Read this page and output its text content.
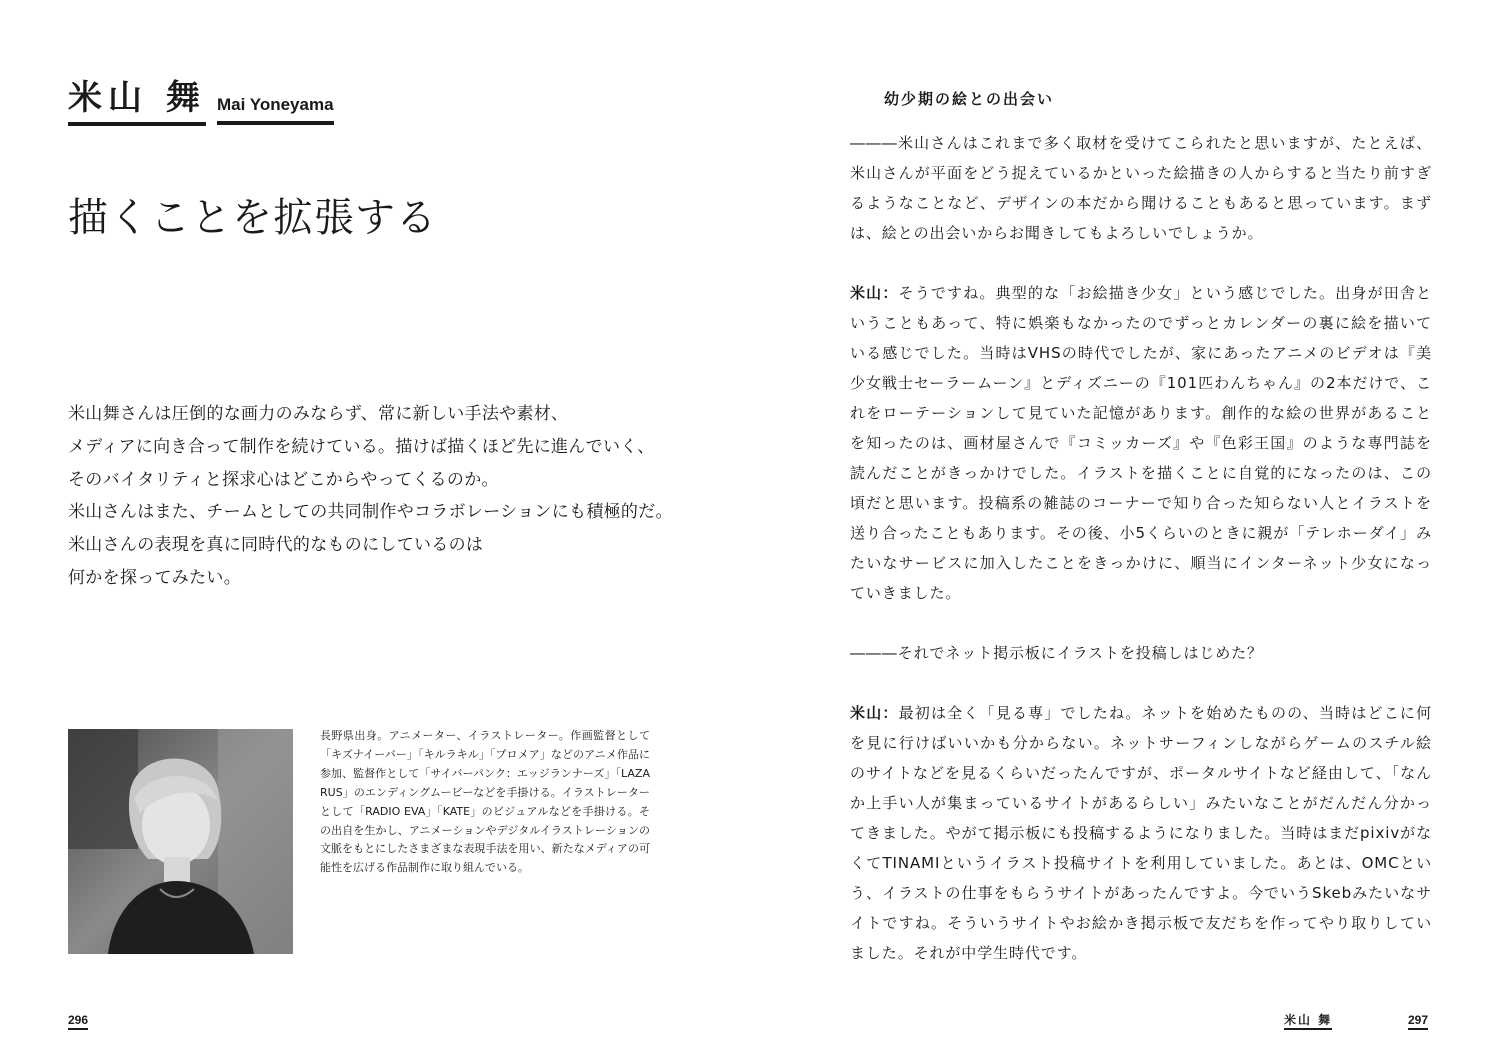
米山 舞 Mai Yoneyama
描くことを拡張する

米山舞さんは圧倒的な画力のみならず、常に新しい手法や素材、

メディアに向き合って制作を続けている。描けば描くほど先に進んでいく、

そのバイタリティと探求心はどこからやってくるのか。

米山さんはまた、チームとしての共同制作やコラボレーションにも積極的だ。

米山さんの表現を真に同時代的なものにしているのは

何かを探ってみたい。

長野県出身。アニメーター、イラストレーター。作画監督として「キズナイーバー」「キルラキル」「プロメア」などのアニメ作品に参加、監督作として「サイバーパンク：エッジランナーズ」「LAZARUS」のエンディングムービーなどを手掛ける。イラストレーターとして「RADIO EVA」「KATE」のビジュアルなどを手掛ける。その出自を生かし、アニメーションやデジタルイラストレーションの文脈をもとにしたさまざまな表現手法を用い、新たなメディアの可能性を広げる作品制作に取り組んでいる。
296
幼少期の絵との出会い

―――米山さんはこれまで多く取材を受けてこられたと思いますが、たとえば、米山さんが平面をどう捉えているかといった絵描きの人からすると当たり前すぎるようなことなど、デザインの本だから聞けることもあると思っています。まずは、絵との出会いからお聞きしてもよろしいでしょうか。

米山：そうですね。典型的な「お絵描き少女」という感じでした。出身が田舎ということもあって、特に娯楽もなかったのでずっとカレンダーの裏に絵を描いている感じでした。当時はVHSの時代でしたが、家にあったアニメのビデオは『美少女戦士セーラームーン』とディズニーの『101匹わんちゃん』の2本だけで、これをローテーションして見ていた記憶があります。創作的な絵の世界があることを知ったのは、画材屋さんで『コミッカーズ』や『色彩王国』のような専門誌を読んだことがきっかけでした。イラストを描くことに自覚的になったのは、この頃だと思います。投稿系の雑誌のコーナーで知り合った知らない人とイラストを送り合ったこともあります。その後、小5くらいのときに親が「テレホーダイ」みたいなサービスに加入したことをきっかけに、順当にインターネット少女になっていきました。

―――それでネット掲示板にイラストを投稿しはじめた？

米山：最初は全く「見る専」でしたね。ネットを始めたものの、当時はどこに何を見に行けばいいかも分からない。ネットサーフィンしながらゲームのスチル絵のサイトなどを見るくらいだったんですが、ポータルサイトなど経由して、「なんか上手い人が集まっているサイトがあるらしい」みたいなことがだんだん分かってきました。やがて掲示板にも投稿するようになりました。当時はまだpixivがなくてTINAMIというイラスト投稿サイトを利用していました。あとは、OMCという、イラストの仕事をもらうサイトがあったんですよ。今でいうSkebみたいなサイトですね。そういうサイトやお絵かき掲示板で友だちを作ってやり取りしていました。それが中学生時代です。

米山 舞	297
